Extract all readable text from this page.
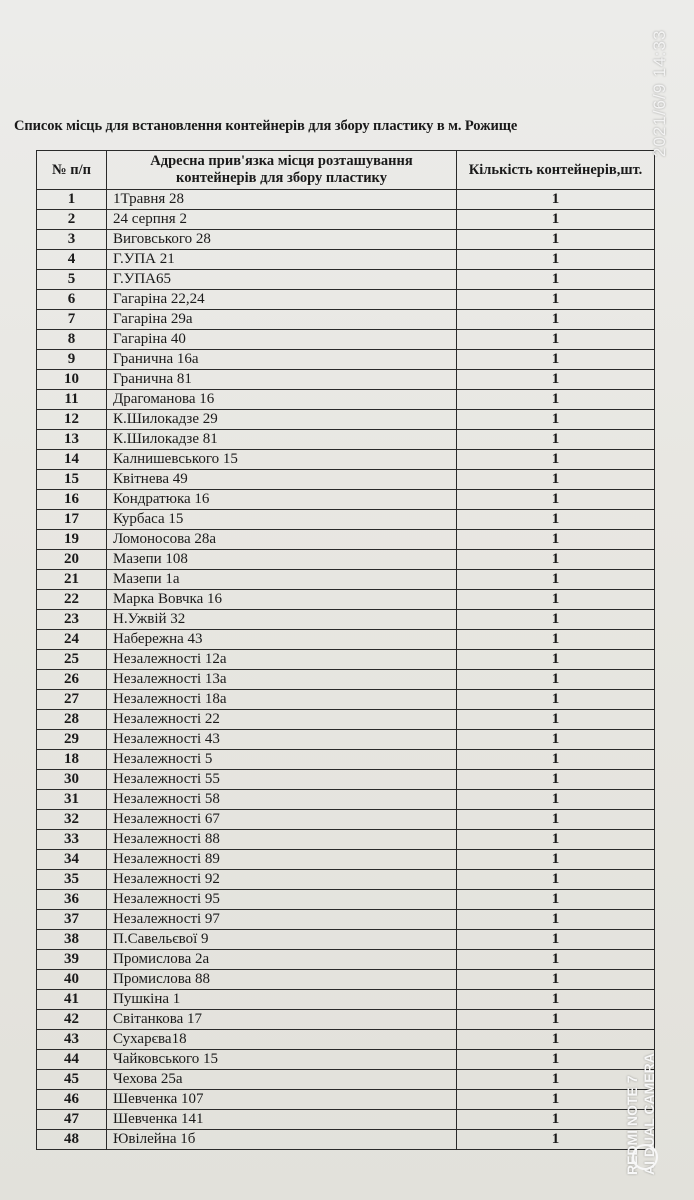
Список місць для встановлення контейнерів для збору пластику в м. Рожище
№ п/п	Адресна прив'язка місця розташування контейнерів для збору пластику	Кількість контейнерів,шт.
1	1Травня 28	1
2	24 серпня 2	1
3	Виговського 28	1
4	Г.УПА 21	1
5	Г.УПА65	1
6	Гагаріна 22,24	1
7	Гагаріна 29а	1
8	Гагаріна 40	1
9	Гранична 16а	1
10	Гранична 81	1
11	Драгоманова 16	1
12	К.Шилокадзе 29	1
13	К.Шилокадзе 81	1
14	Калнишевського 15	1
15	Квітнева 49	1
16	Кондратюка 16	1
17	Курбаса 15	1
19	Ломоносова 28а	1
20	Мазепи 108	1
21	Мазепи 1а	1
22	Марка Вовчка 16	1
23	Н.Ужвій 32	1
24	Набережна 43	1
25	Незалежності 12а	1
26	Незалежності 13а	1
27	Незалежності 18а	1
28	Незалежності 22	1
29	Незалежності 43	1
18	Незалежності 5	1
30	Незалежності 55	1
31	Незалежності 58	1
32	Незалежності 67	1
33	Незалежності 88	1
34	Незалежності 89	1
35	Незалежності 92	1
36	Незалежності 95	1
37	Незалежності 97	1
38	П.Савельєвої 9	1
39	Промислова 2а	1
40	Промислова 88	1
41	Пушкіна 1	1
42	Світанкова 17	1
43	Сухарєва18	1
44	Чайковського 15	1
45	Чехова 25а	1
46	Шевченка 107	1
47	Шевченка 141	1
48	Ювілейна 1б	1
2021/6/9 14:33
REDMI NOTE 7 AI DUAL CAMERA
